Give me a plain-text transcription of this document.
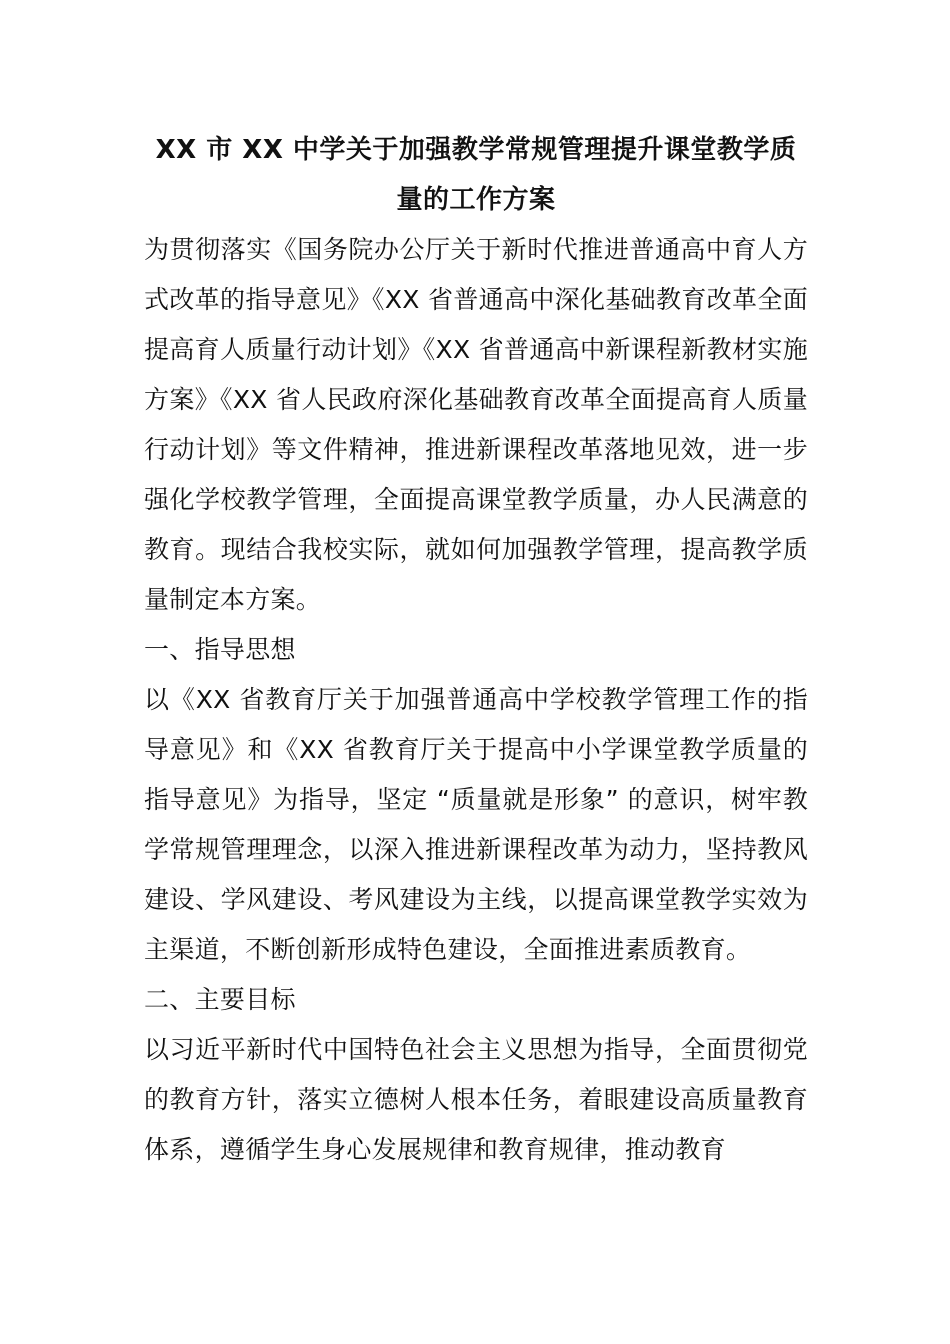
XX 市 XX 中学关于加强教学常规管理提升课堂教学质量的工作方案

为贯彻落实《国务院办公厅关于新时代推进普通高中育人方式改革的指导意见》《XX 省普通高中深化基础教育改革全面提高育人质量行动计划》《XX 省普通高中新课程新教材实施方案》《XX 省人民政府深化基础教育改革全面提高育人质量行动计划》等文件精神，推进新课程改革落地见效，进一步强化学校教学管理，全面提高课堂教学质量，办人民满意的教育。现结合我校实际，就如何加强教学管理，提高教学质量制定本方案。

一、指导思想

以《XX 省教育厅关于加强普通高中学校教学管理工作的指导意见》和《XX 省教育厅关于提高中小学课堂教学质量的指导意见》为指导，坚定 “质量就是形象” 的意识，树牢教学常规管理理念，以深入推进新课程改革为动力，坚持教风建设、学风建设、考风建设为主线，以提高课堂教学实效为主渠道，不断创新形成特色建设，全面推进素质教育。

二、主要目标

以习近平新时代中国特色社会主义思想为指导，全面贯彻党的教育方针，落实立德树人根本任务，着眼建设高质量教育体系，遵循学生身心发展规律和教育规律，推动教育
